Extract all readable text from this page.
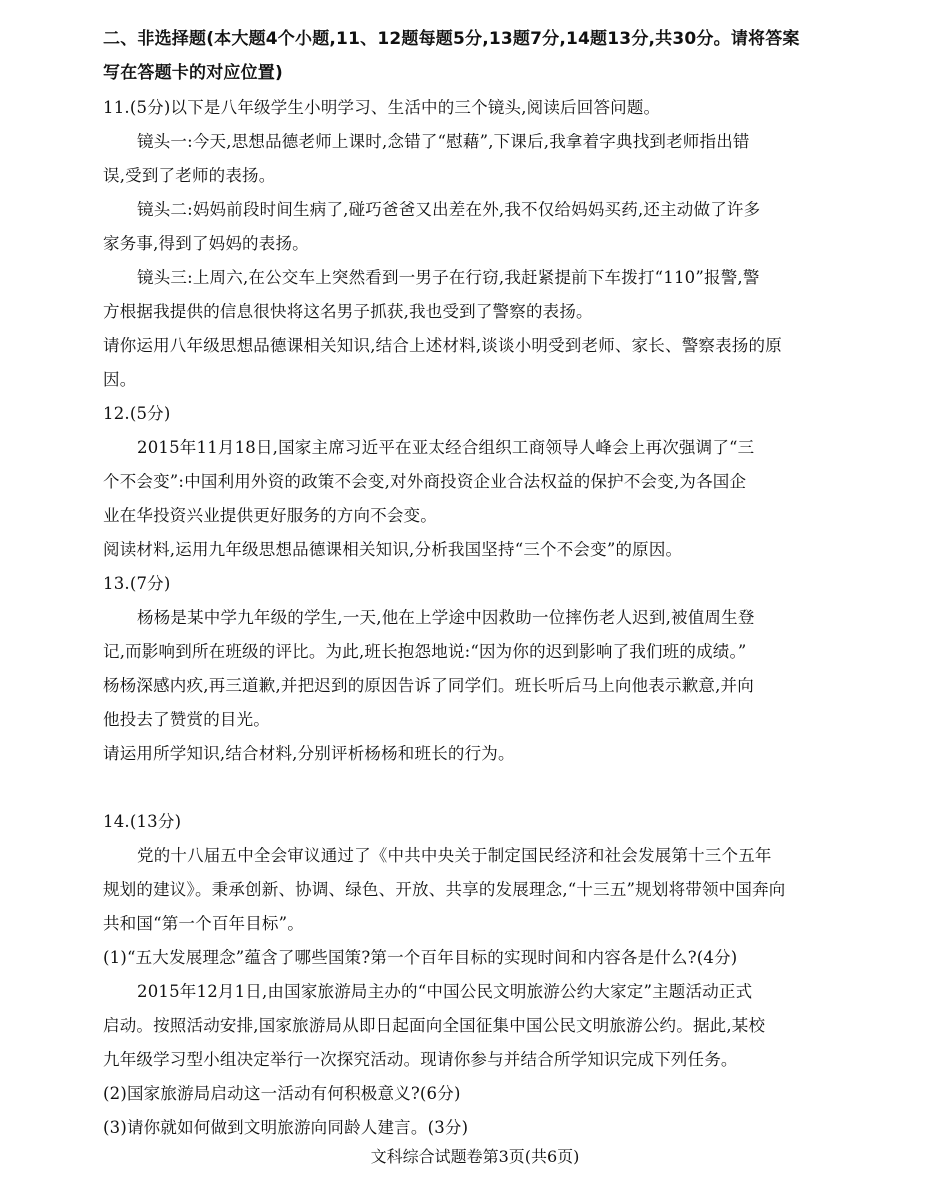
二、非选择题(本大题4个小题,11、12题每题5分,13题7分,14题13分,共30分。请将答案
写在答题卡的对应位置)
11.(5分)以下是八年级学生小明学习、生活中的三个镜头,阅读后回答问题。
镜头一:今天,思想品德老师上课时,念错了“慰藉”,下课后,我拿着字典找到老师指出错
误,受到了老师的表扬。
镜头二:妈妈前段时间生病了,碰巧爸爸又出差在外,我不仅给妈妈买药,还主动做了许多
家务事,得到了妈妈的表扬。
镜头三:上周六,在公交车上突然看到一男子在行窃,我赶紧提前下车拨打“110”报警,警
方根据我提供的信息很快将这名男子抓获,我也受到了警察的表扬。
请你运用八年级思想品德课相关知识,结合上述材料,谈谈小明受到老师、家长、警察表扬的原
因。
12.(5分)
2015年11月18日,国家主席习近平在亚太经合组织工商领导人峰会上再次强调了“三
个不会变”:中国利用外资的政策不会变,对外商投资企业合法权益的保护不会变,为各国企
业在华投资兴业提供更好服务的方向不会变。
阅读材料,运用九年级思想品德课相关知识,分析我国坚持“三个不会变”的原因。
13.(7分)
杨杨是某中学九年级的学生,一天,他在上学途中因救助一位摔伤老人迟到,被值周生登
记,而影响到所在班级的评比。为此,班长抱怨地说:“因为你的迟到影响了我们班的成绩。”
杨杨深感内疚,再三道歉,并把迟到的原因告诉了同学们。班长听后马上向他表示歉意,并向
他投去了赞赏的目光。
请运用所学知识,结合材料,分别评析杨杨和班长的行为。
14.(13分)
党的十八届五中全会审议通过了《中共中央关于制定国民经济和社会发展第十三个五年
规划的建议》。秉承创新、协调、绿色、开放、共享的发展理念,“十三五”规划将带领中国奔向
共和国“第一个百年目标”。
(1)“五大发展理念”蕴含了哪些国策?第一个百年目标的实现时间和内容各是什么?(4分)
2015年12月1日,由国家旅游局主办的“中国公民文明旅游公约大家定”主题活动正式
启动。按照活动安排,国家旅游局从即日起面向全国征集中国公民文明旅游公约。据此,某校
九年级学习型小组决定举行一次探究活动。现请你参与并结合所学知识完成下列任务。
(2)国家旅游局启动这一活动有何积极意义?(6分)
(3)请你就如何做到文明旅游向同龄人建言。(3分)
文科综合试题卷第3页(共6页)
